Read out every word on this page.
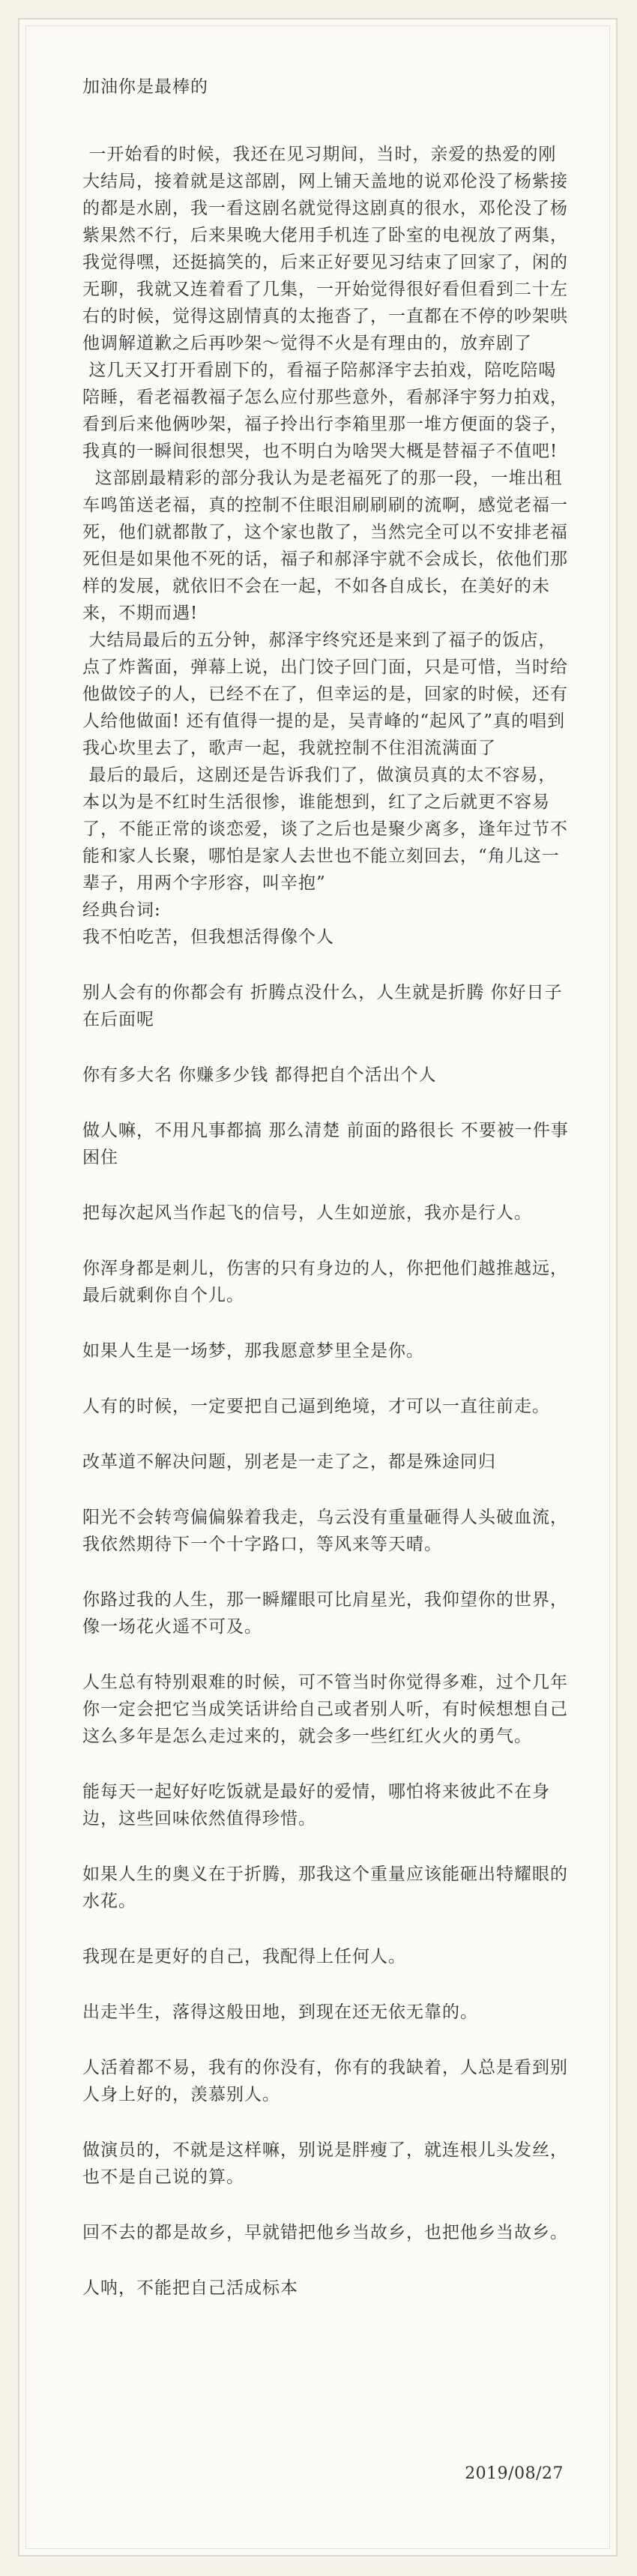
加油你是最棒的

一开始看的时候，我还在见习期间，当时，亲爱的热爱的刚大结局，接着就是这部剧，网上铺天盖地的说邓伦没了杨紫接的都是水剧，我一看这剧名就觉得这剧真的很水，邓伦没了杨紫果然不行，后来果晚大佬用手机连了卧室的电视放了两集，我觉得嘿，还挺搞笑的，后来正好要见习结束了回家了，闲的无聊，我就又连着看了几集，一开始觉得很好看但看到二十左右的时候，觉得这剧情真的太拖沓了，一直都在不停的吵架哄他调解道歉之后再吵架～觉得不火是有理由的，放弃剧了

这几天又打开看剧下的，看福子陪郝泽宇去拍戏，陪吃陪喝陪睡，看老福教福子怎么应付那些意外，看郝泽宇努力拍戏，看到后来他俩吵架，福子拎出行李箱里那一堆方便面的袋子，我真的一瞬间很想哭，也不明白为啥哭大概是替福子不值吧!

这部剧最精彩的部分我认为是老福死了的那一段，一堆出租车鸣笛送老福，真的控制不住眼泪刷刷刷的流啊，感觉老福一死，他们就都散了，这个家也散了，当然完全可以不安排老福死但是如果他不死的话，福子和郝泽宇就不会成长，依他们那样的发展，就依旧不会在一起，不如各自成长，在美好的未来，不期而遇!

大结局最后的五分钟，郝泽宇终究还是来到了福子的饭店，点了炸酱面，弹幕上说，出门饺子回门面，只是可惜，当时给他做饺子的人，已经不在了，但幸运的是，回家的时候，还有人给他做面! 还有值得一提的是，吴青峰的“起风了”真的唱到我心坎里去了，歌声一起，我就控制不住泪流满面了

最后的最后，这剧还是告诉我们了，做演员真的太不容易，本以为是不红时生活很惨，谁能想到，红了之后就更不容易了，不能正常的谈恋爱，谈了之后也是聚少离多，逢年过节不能和家人长聚，哪怕是家人去世也不能立刻回去，“角儿这一辈子，用两个字形容，叫辛抱”

经典台词:

我不怕吃苦，但我想活得像个人

别人会有的你都会有 折腾点没什么，人生就是折腾 你好日子在后面呢

你有多大名 你赚多少钱 都得把自个活出个人

做人嘛，不用凡事都搞 那么清楚 前面的路很长 不要被一件事困住

把每次起风当作起飞的信号，人生如逆旅，我亦是行人。

你浑身都是刺儿，伤害的只有身边的人，你把他们越推越远，最后就剩你自个儿。

如果人生是一场梦，那我愿意梦里全是你。

人有的时候，一定要把自己逼到绝境，才可以一直往前走。

改革道不解决问题，别老是一走了之，都是殊途同归

阳光不会转弯偏偏躲着我走，乌云没有重量砸得人头破血流，我依然期待下一个十字路口，等风来等天晴。

你路过我的人生，那一瞬耀眼可比肩星光，我仰望你的世界，像一场花火遥不可及。

人生总有特别艰难的时候，可不管当时你觉得多难，过个几年你一定会把它当成笑话讲给自己或者别人听，有时候想想自己这么多年是怎么走过来的，就会多一些红红火火的勇气。

能每天一起好好吃饭就是最好的爱情，哪怕将来彼此不在身边，这些回味依然值得珍惜。

如果人生的奥义在于折腾，那我这个重量应该能砸出特耀眼的水花。

我现在是更好的自己，我配得上任何人。

出走半生，落得这般田地，到现在还无依无靠的。

人活着都不易，我有的你没有，你有的我缺着，人总是看到别人身上好的，羡慕别人。

做演员的，不就是这样嘛，别说是胖瘦了，就连根儿头发丝，也不是自己说的算。

回不去的都是故乡，早就错把他乡当故乡，也把他乡当故乡。

人呐，不能把自己活成标本

2019/08/27
